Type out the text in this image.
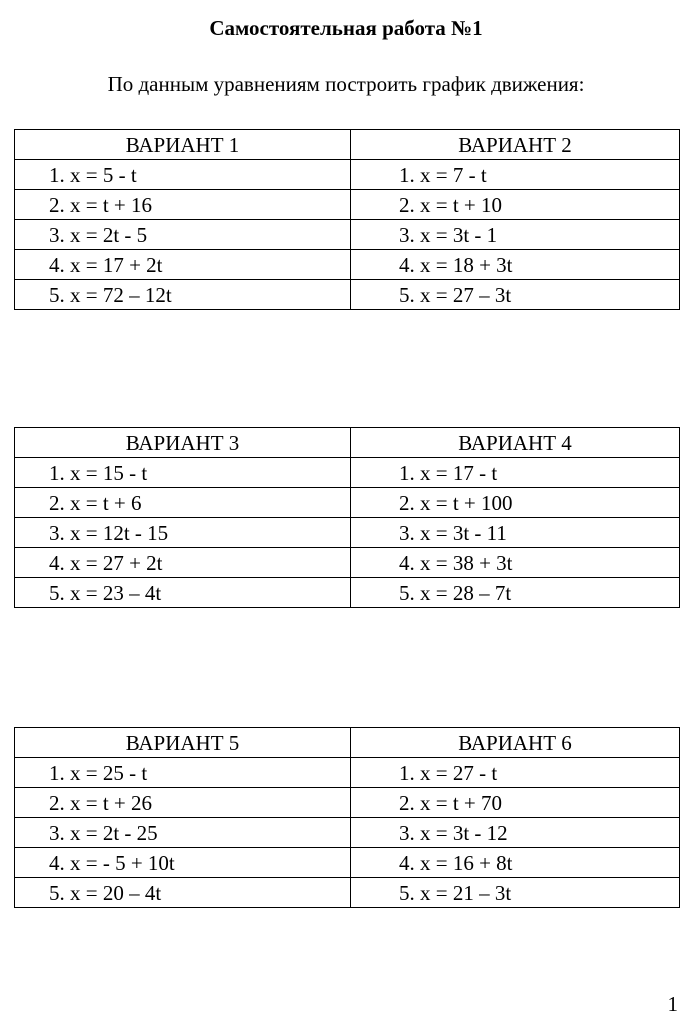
Самостоятельная работа №1
По данным уравнениям построить график движения:
ВАРИАНТ 1	ВАРИАНТ 2
1. x = 5 - t	1. x = 7 - t
2. x = t + 16	2. x = t + 10
3. x = 2t - 5	3. x = 3t - 1
4. x = 17 + 2t	4. x = 18 + 3t
5. x = 72 – 12t	5. x = 27 – 3t
ВАРИАНТ 3	ВАРИАНТ 4
1. x = 15 - t	1. x = 17 - t
2. x = t + 6	2. x = t + 100
3. x = 12t - 15	3. x = 3t - 11
4. x = 27 + 2t	4. x = 38 + 3t
5. x = 23 – 4t	5. x = 28 – 7t
ВАРИАНТ 5	ВАРИАНТ 6
1. x = 25 - t	1. x = 27 - t
2. x = t + 26	2. x = t + 70
3. x = 2t - 25	3. x = 3t - 12
4. x = - 5 + 10t	4. x = 16 + 8t
5. x = 20 – 4t	5. x = 21 – 3t
1
